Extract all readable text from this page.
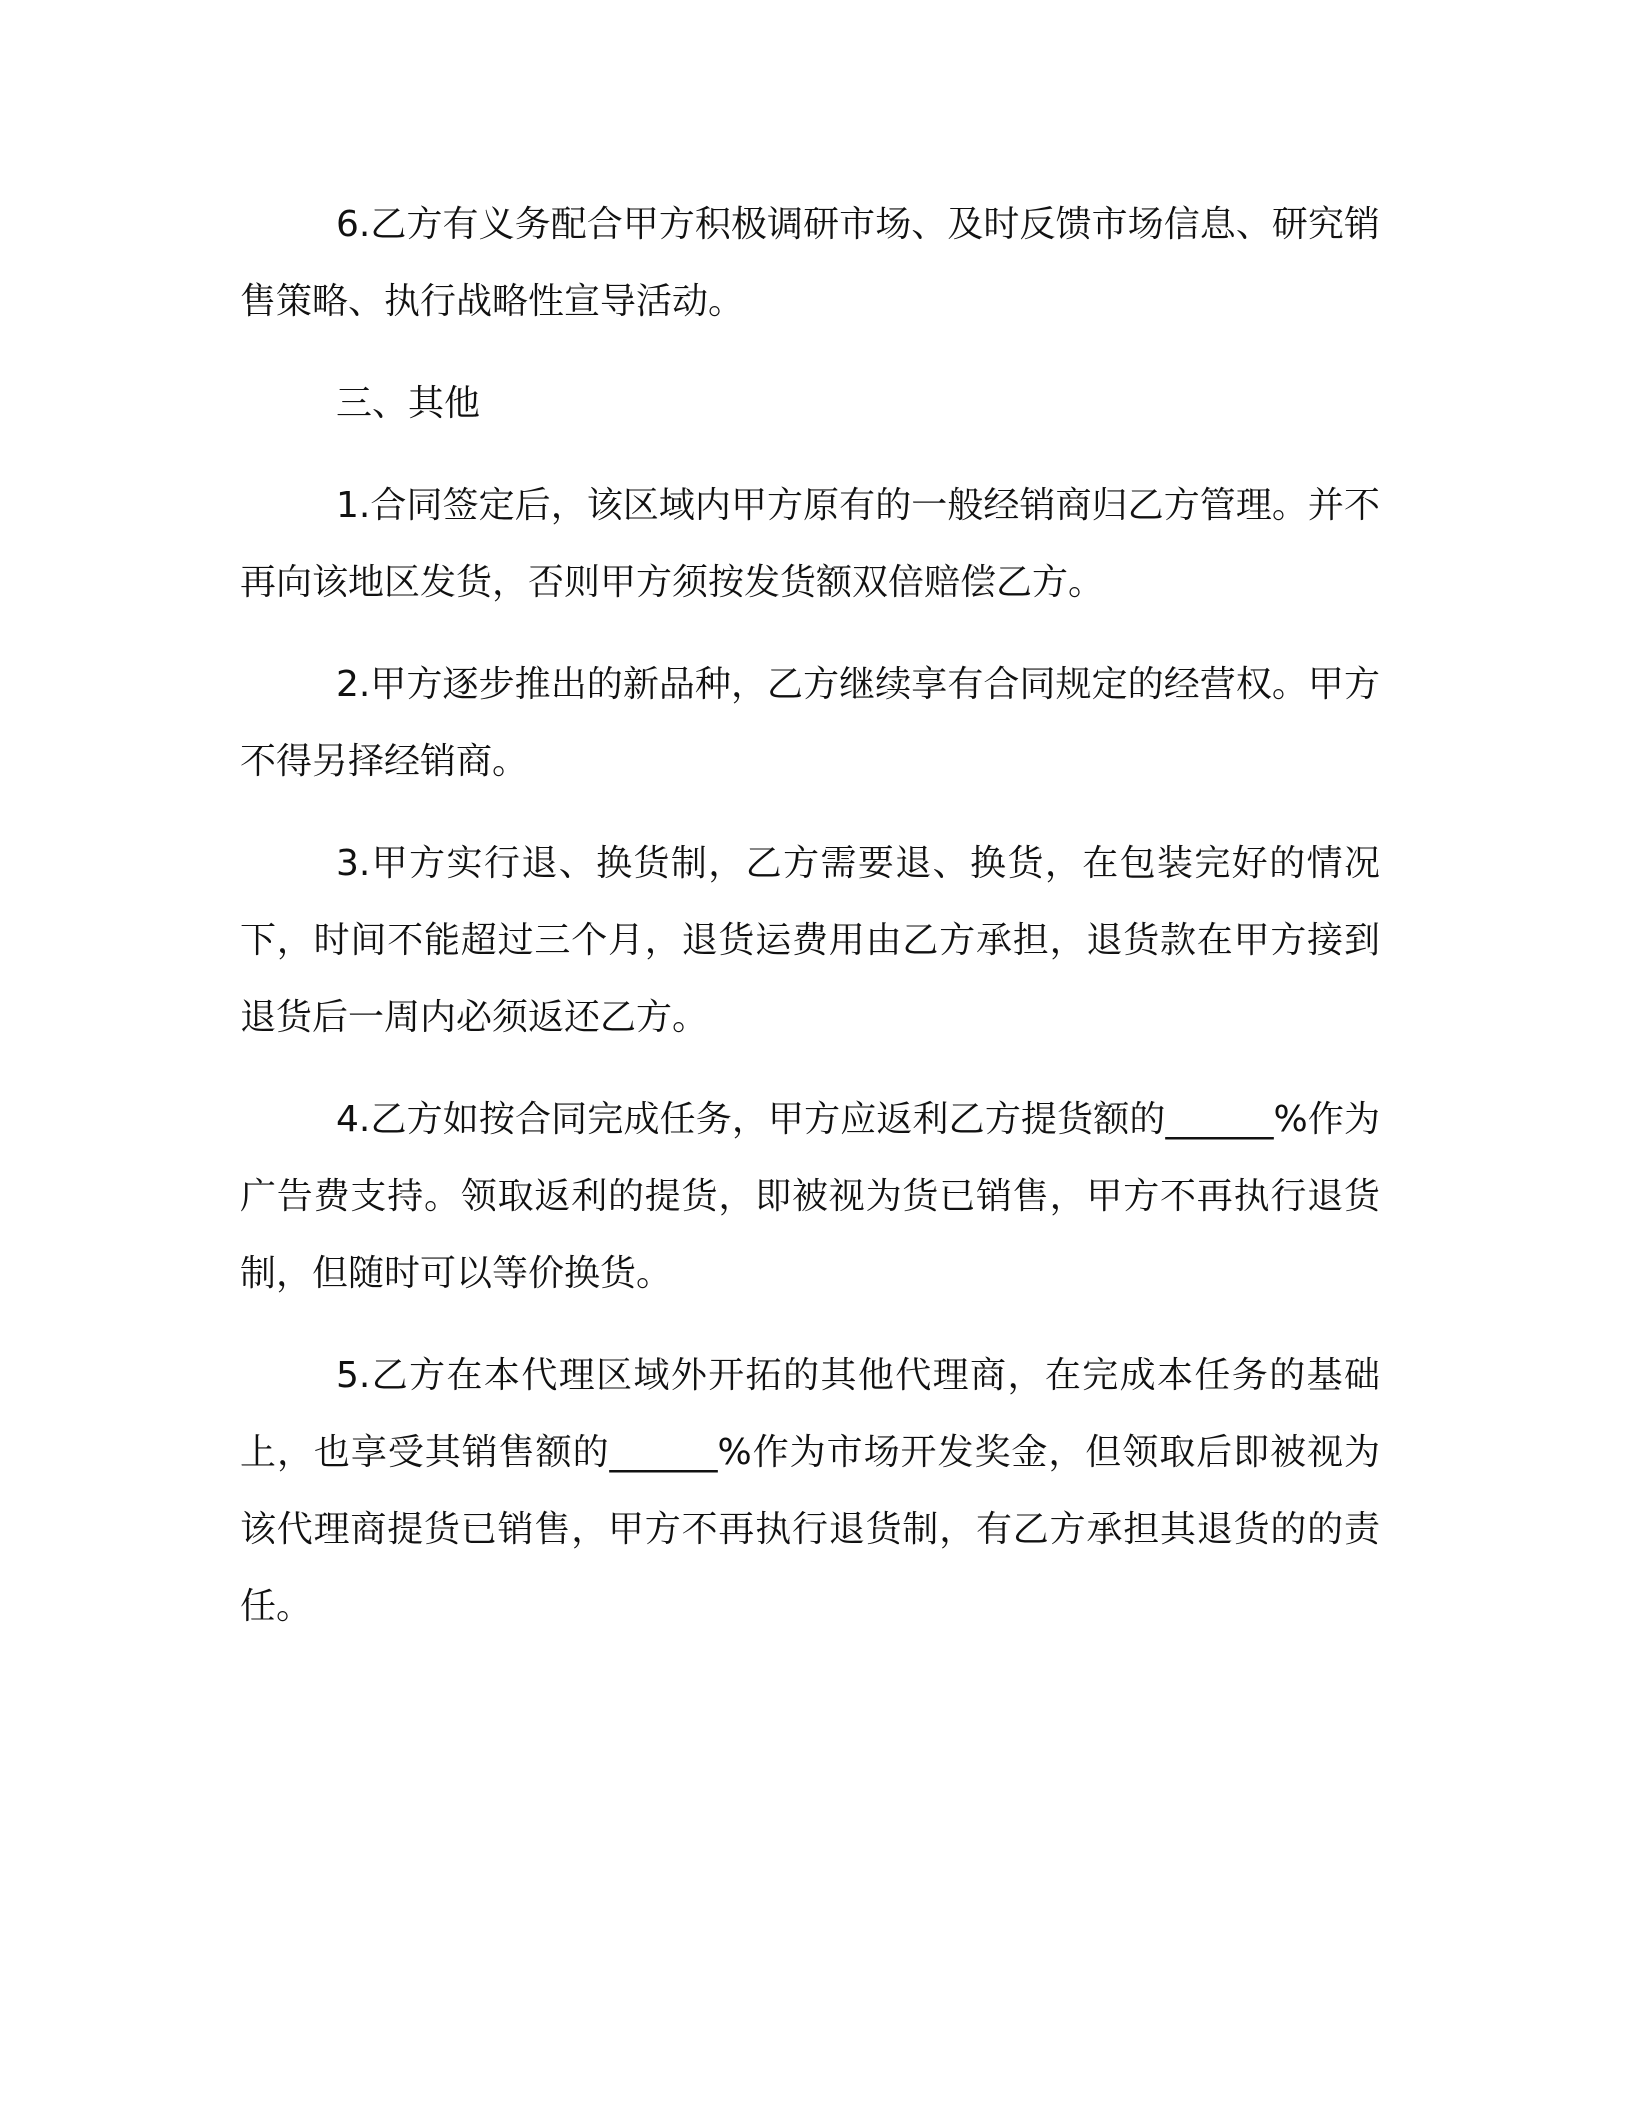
6.乙方有义务配合甲方积极调研市场、及时反馈市场信息、研究销售策略、执行战略性宣导活动。

三、其他

1.合同签定后，该区域内甲方原有的一般经销商归乙方管理。并不再向该地区发货，否则甲方须按发货额双倍赔偿乙方。

2.甲方逐步推出的新品种，乙方继续享有合同规定的经营权。甲方不得另择经销商。

3.甲方实行退、换货制，乙方需要退、换货，在包装完好的情况下，时间不能超过三个月，退货运费用由乙方承担，退货款在甲方接到退货后一周内必须返还乙方。

4.乙方如按合同完成任务，甲方应返利乙方提货额的______%作为广告费支持。领取返利的提货，即被视为货已销售，甲方不再执行退货制，但随时可以等价换货。

5.乙方在本代理区域外开拓的其他代理商，在完成本任务的基础上，也享受其销售额的______%作为市场开发奖金，但领取后即被视为该代理商提货已销售，甲方不再执行退货制，有乙方承担其退货的的责任。
